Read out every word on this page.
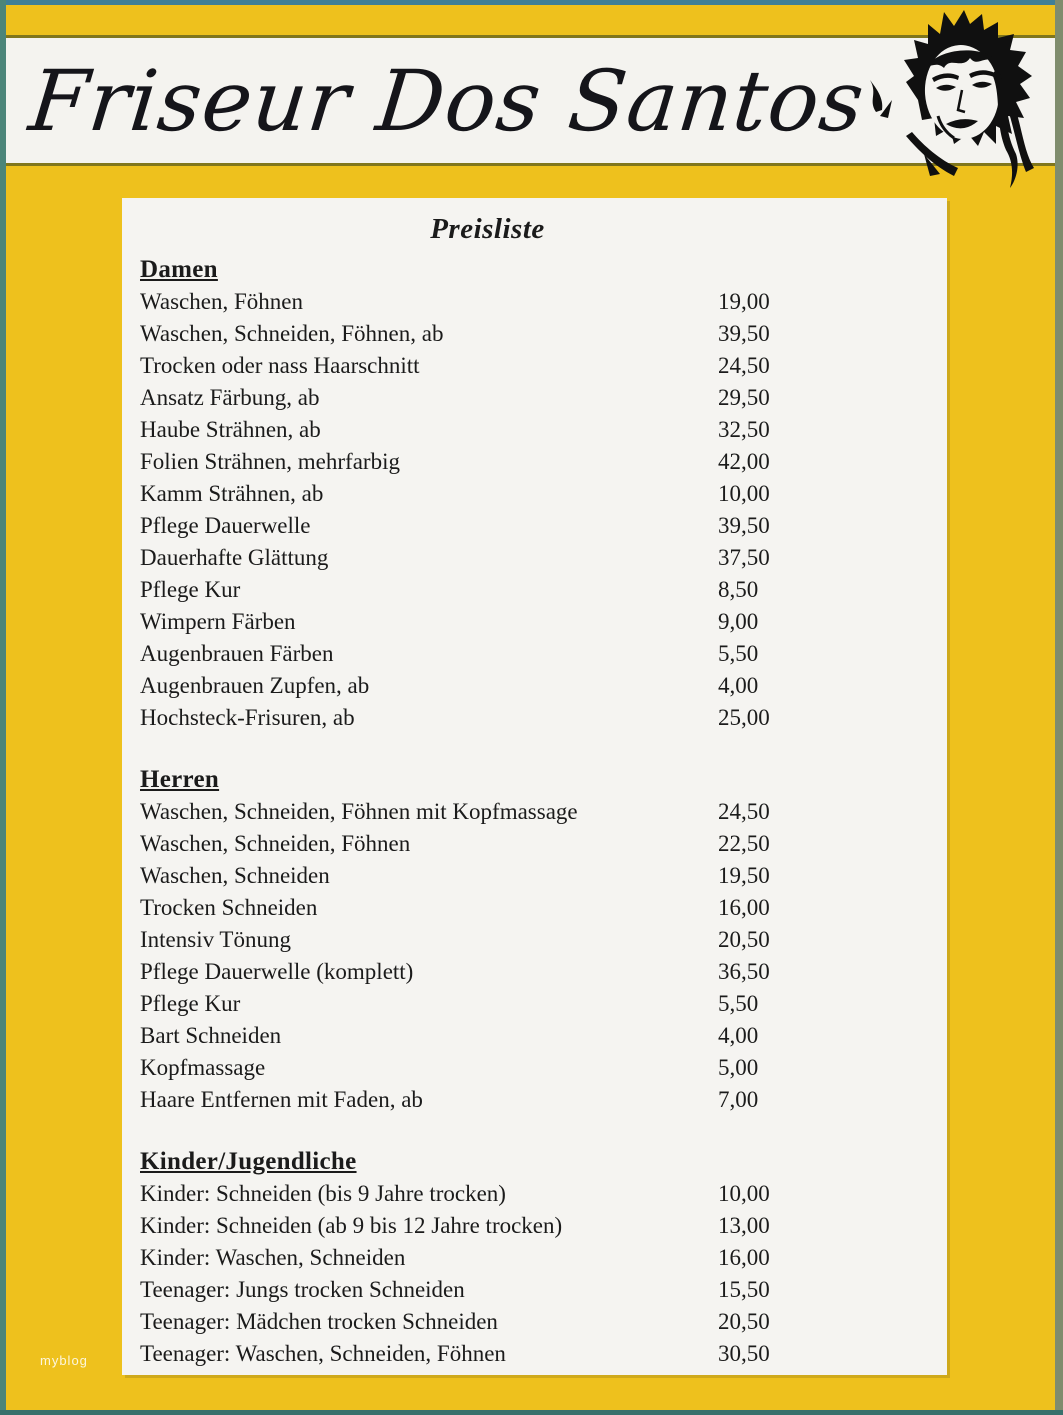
Friseur Dos Santos
Preisliste
Damen
Waschen, Föhnen	19,00
Waschen, Schneiden, Föhnen, ab	39,50
Trocken oder nass Haarschnitt	24,50
Ansatz Färbung, ab	29,50
Haube Strähnen, ab	32,50
Folien Strähnen, mehrfarbig	42,00
Kamm Strähnen, ab	10,00
Pflege Dauerwelle	39,50
Dauerhafte Glättung	37,50
Pflege Kur	8,50
Wimpern Färben	9,00
Augenbrauen Färben	5,50
Augenbrauen Zupfen, ab	4,00
Hochsteck-Frisuren, ab	25,00
Herren
Waschen, Schneiden, Föhnen mit Kopfmassage	24,50
Waschen, Schneiden, Föhnen	22,50
Waschen, Schneiden	19,50
Trocken Schneiden	16,00
Intensiv Tönung	20,50
Pflege Dauerwelle (komplett)	36,50
Pflege Kur	5,50
Bart Schneiden	4,00
Kopfmassage	5,00
Haare Entfernen mit Faden, ab	7,00
Kinder/Jugendliche
Kinder: Schneiden (bis 9 Jahre trocken)	10,00
Kinder: Schneiden (ab 9 bis 12 Jahre trocken)	13,00
Kinder: Waschen, Schneiden	16,00
Teenager: Jungs trocken Schneiden	15,50
Teenager: Mädchen trocken Schneiden	20,50
Teenager: Waschen, Schneiden, Föhnen	30,50
myblog
